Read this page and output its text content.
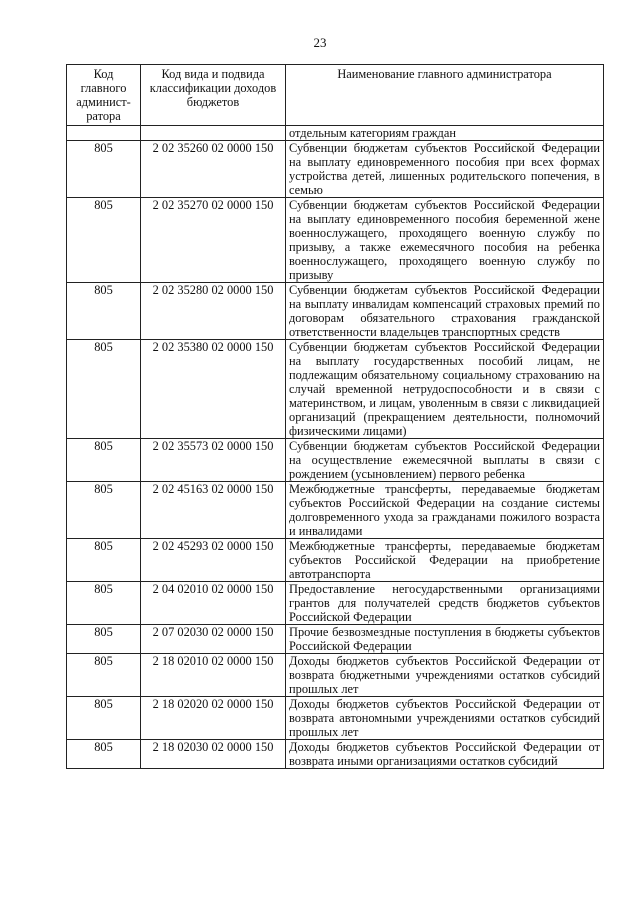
23
Код главного админист-ратора	Код вида и подвида классификации доходов бюджетов	Наименование главного администратора
		отдельным категориям граждан
805	2 02 35260 02 0000 150	Субвенции бюджетам субъектов Российской Федерации на выплату единовременного пособия при всех формах устройства детей, лишенных родительского попечения, в семью
805	2 02 35270 02 0000 150	Субвенции бюджетам субъектов Российской Федерации на выплату единовременного пособия беременной жене военнослужащего, проходящего военную службу по призыву, а также ежемесячного пособия на ребенка военнослужащего, проходящего военную службу по призыву
805	2 02 35280 02 0000 150	Субвенции бюджетам субъектов Российской Федерации на выплату инвалидам компенсаций страховых премий по договорам обязательного страхования гражданской ответственности владельцев транспортных средств
805	2 02 35380 02 0000 150	Субвенции бюджетам субъектов Российской Федерации на выплату государственных пособий лицам, не подлежащим обязательному социальному страхованию на случай временной нетрудоспособности и в связи с материнством, и лицам, уволенным в связи с ликвидацией организаций (прекращением деятельности, полномочий физическими лицами)
805	2 02 35573 02 0000 150	Субвенции бюджетам субъектов Российской Федерации на осуществление ежемесячной выплаты в связи с рождением (усыновлением) первого ребенка
805	2 02 45163 02 0000 150	Межбюджетные трансферты, передаваемые бюджетам субъектов Российской Федерации на создание системы долговременного ухода за гражданами пожилого возраста и инвалидами
805	2 02 45293 02 0000 150	Межбюджетные трансферты, передаваемые бюджетам субъектов Российской Федерации на приобретение автотранспорта
805	2 04 02010 02 0000 150	Предоставление негосударственными организациями грантов для получателей средств бюджетов субъектов Российской Федерации
805	2 07 02030 02 0000 150	Прочие безвозмездные поступления в бюджеты субъектов Российской Федерации
805	2 18 02010 02 0000 150	Доходы бюджетов субъектов Российской Федерации от возврата бюджетными учреждениями остатков субсидий прошлых лет
805	2 18 02020 02 0000 150	Доходы бюджетов субъектов Российской Федерации от возврата автономными учреждениями остатков субсидий прошлых лет
805	2 18 02030 02 0000 150	Доходы бюджетов субъектов Российской Федерации от возврата иными организациями остатков субсидий
